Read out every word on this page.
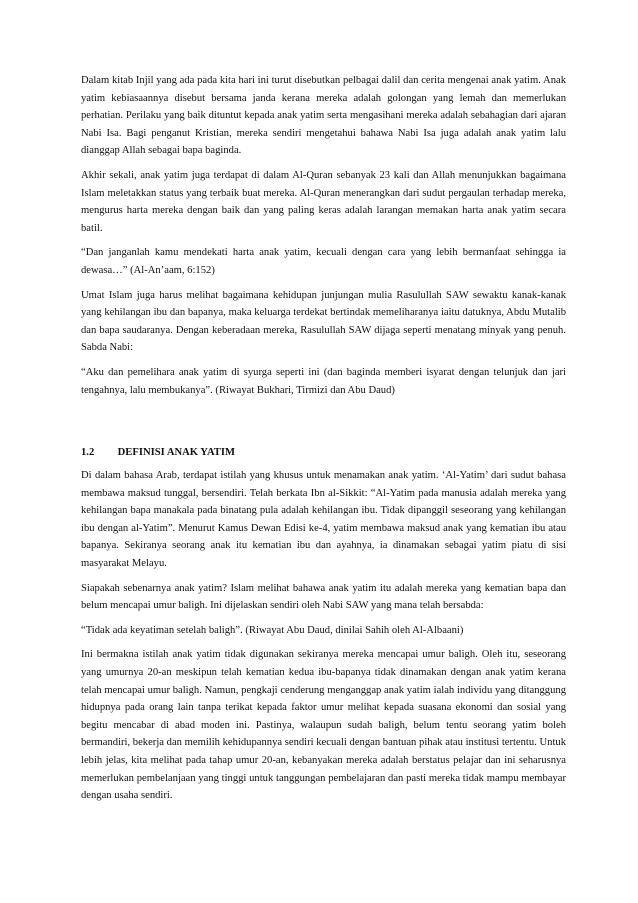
Dalam kitab Injil yang ada pada kita hari ini turut disebutkan pelbagai dalil dan cerita mengenai anak yatim. Anak yatim kebiasaannya disebut bersama janda kerana mereka adalah golongan yang lemah dan memerlukan perhatian. Perilaku yang baik dituntut kepada anak yatim serta mengasihani mereka adalah sebahagian dari ajaran Nabi Isa. Bagi penganut Kristian, mereka sendiri mengetahui bahawa Nabi Isa juga adalah anak yatim lalu dianggap Allah sebagai bapa baginda.

Akhir sekali, anak yatim juga terdapat di dalam Al-Quran sebanyak 23 kali dan Allah menunjukkan bagaimana Islam meletakkan status yang terbaik buat mereka. Al-Quran menerangkan dari sudut pergaulan terhadap mereka, mengurus harta mereka dengan baik dan yang paling keras adalah larangan memakan harta anak yatim secara batil.

“Dan janganlah kamu mendekati harta anak yatim, kecuali dengan cara yang lebih bermanfaat sehingga ia dewasa…” (Al-An’aam, 6:152)

Umat Islam juga harus melihat bagaimana kehidupan junjungan mulia Rasulullah SAW sewaktu kanak-kanak yang kehilangan ibu dan bapanya, maka keluarga terdekat bertindak memeliharanya iaitu datuknya, Abdu Mutalib dan bapa saudaranya. Dengan keberadaan mereka, Rasulullah SAW dijaga seperti menatang minyak yang penuh. Sabda Nabi:

“Aku dan pemelihara anak yatim di syurga seperti ini (dan baginda memberi isyarat dengan telunjuk dan jari tengahnya, lalu membukanya”. (Riwayat Bukhari, Tirmizi dan Abu Daud)

1.2 DEFINISI ANAK YATIM

Di dalam bahasa Arab, terdapat istilah yang khusus untuk menamakan anak yatim. ‘Al-Yatim’ dari sudut bahasa membawa maksud tunggal, bersendiri. Telah berkata Ibn al-Sikkit: “Al-Yatim pada manusia adalah mereka yang kehilangan bapa manakala pada binatang pula adalah kehilangan ibu. Tidak dipanggil seseorang yang kehilangan ibu dengan al-Yatim”. Menurut Kamus Dewan Edisi ke-4, yatim membawa maksud anak yang kematian ibu atau bapanya. Sekiranya seorang anak itu kematian ibu dan ayahnya, ia dinamakan sebagai yatim piatu di sisi masyarakat Melayu.

Siapakah sebenarnya anak yatim? Islam melihat bahawa anak yatim itu adalah mereka yang kematian bapa dan belum mencapai umur baligh. Ini dijelaskan sendiri oleh Nabi SAW yang mana telah bersabda:

“Tidak ada keyatiman setelah baligh”. (Riwayat Abu Daud, dinilai Sahih oleh Al-Albaani)

Ini bermakna istilah anak yatim tidak digunakan sekiranya mereka mencapai umur baligh. Oleh itu, seseorang yang umurnya 20-an meskipun telah kematian kedua ibu-bapanya tidak dinamakan dengan anak yatim kerana telah mencapai umur baligh. Namun, pengkaji cenderung menganggap anak yatim ialah individu yang ditanggung hidupnya pada orang lain tanpa terikat kepada faktor umur melihat kepada suasana ekonomi dan sosial yang begitu mencabar di abad moden ini. Pastinya, walaupun sudah baligh, belum tentu seorang yatim boleh bermandiri, bekerja dan memilih kehidupannya sendiri kecuali dengan bantuan pihak atau institusi tertentu. Untuk lebih jelas, kita melihat pada tahap umur 20-an, kebanyakan mereka adalah berstatus pelajar dan ini seharusnya memerlukan pembelanjaan yang tinggi untuk tanggungan pembelajaran dan pasti mereka tidak mampu membayar dengan usaha sendiri.
